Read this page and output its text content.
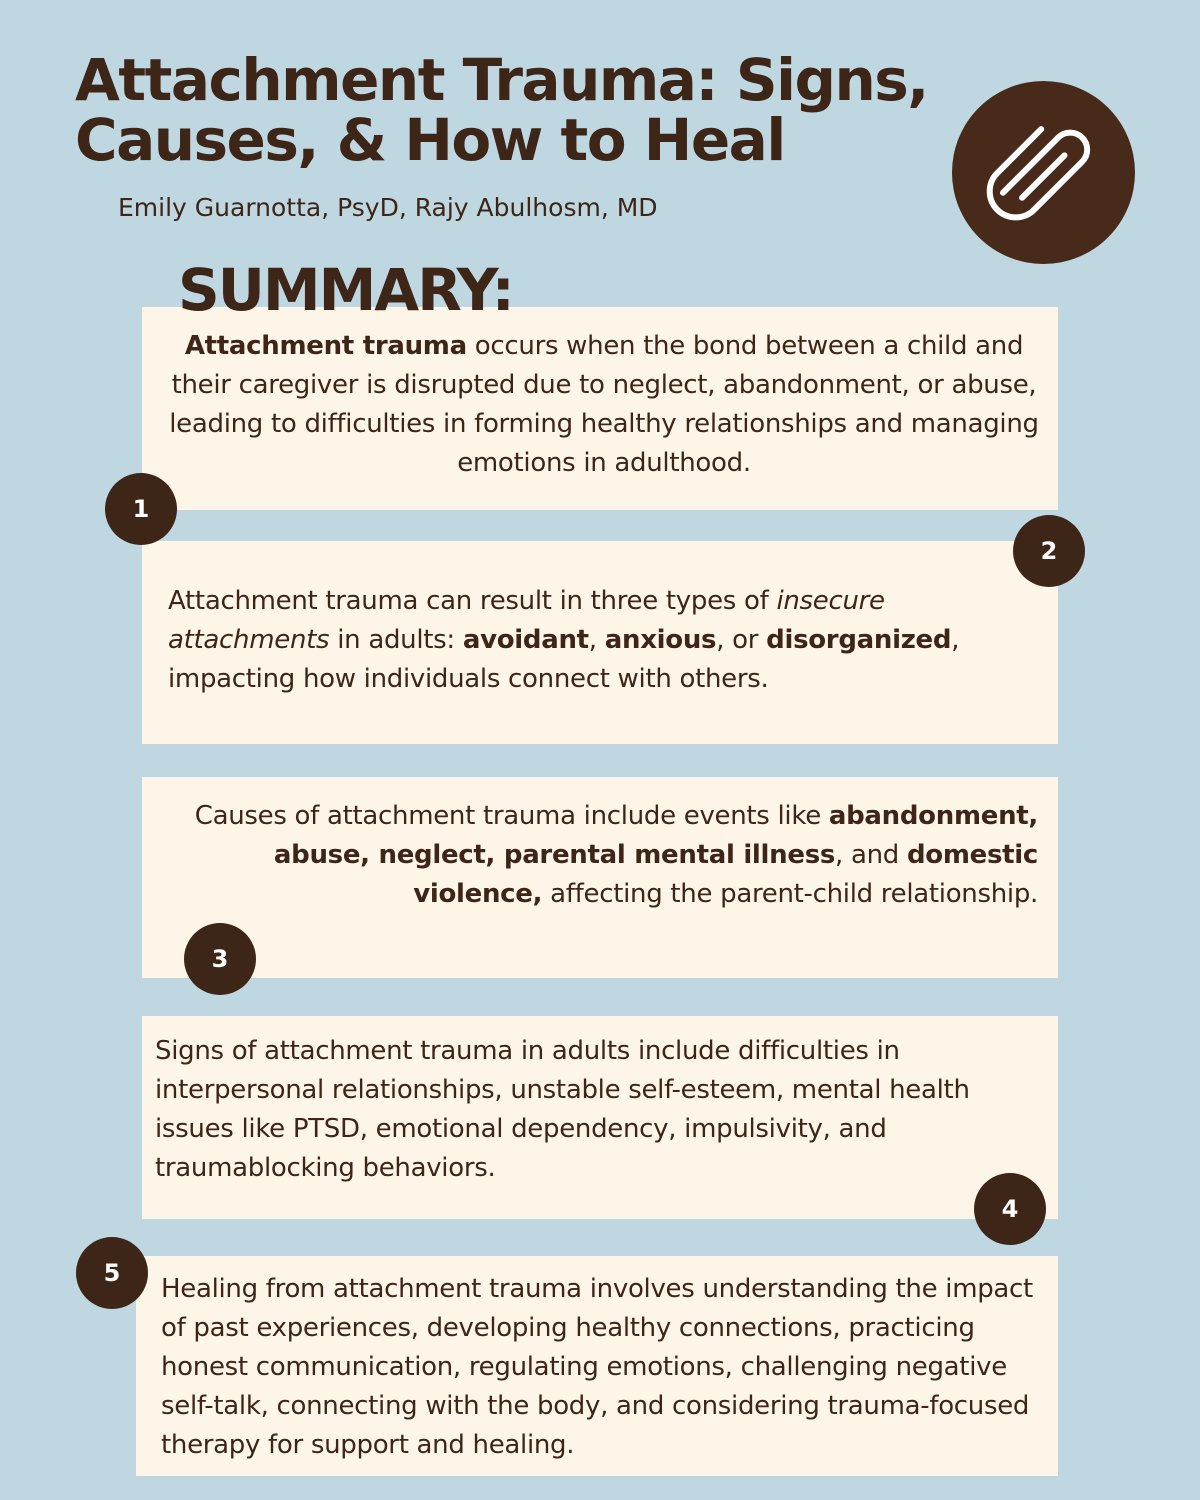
Attachment Trauma: Signs,
Causes, & How to Heal
Emily Guarnotta, PsyD, Rajy Abulhosm, MD
SUMMARY:
Attachment trauma occurs when the bond between a child and their caregiver is disrupted due to neglect, abandonment, or abuse, leading to difficulties in forming healthy relationships and managing emotions in adulthood.
Attachment trauma can result in three types of insecure attachments in adults: avoidant, anxious, or disorganized, impacting how individuals connect with others.
Causes of attachment trauma include events like abandonment, abuse, neglect, parental mental illness, and domestic violence, affecting the parent-child relationship.
Signs of attachment trauma in adults include difficulties in interpersonal relationships, unstable self-esteem, mental health issues like PTSD, emotional dependency, impulsivity, and traumablocking behaviors.
Healing from attachment trauma involves understanding the impact of past experiences, developing healthy connections, practicing honest communication, regulating emotions, challenging negative self-talk, connecting with the body, and considering trauma-focused therapy for support and healing.
1
2
3
4
5
